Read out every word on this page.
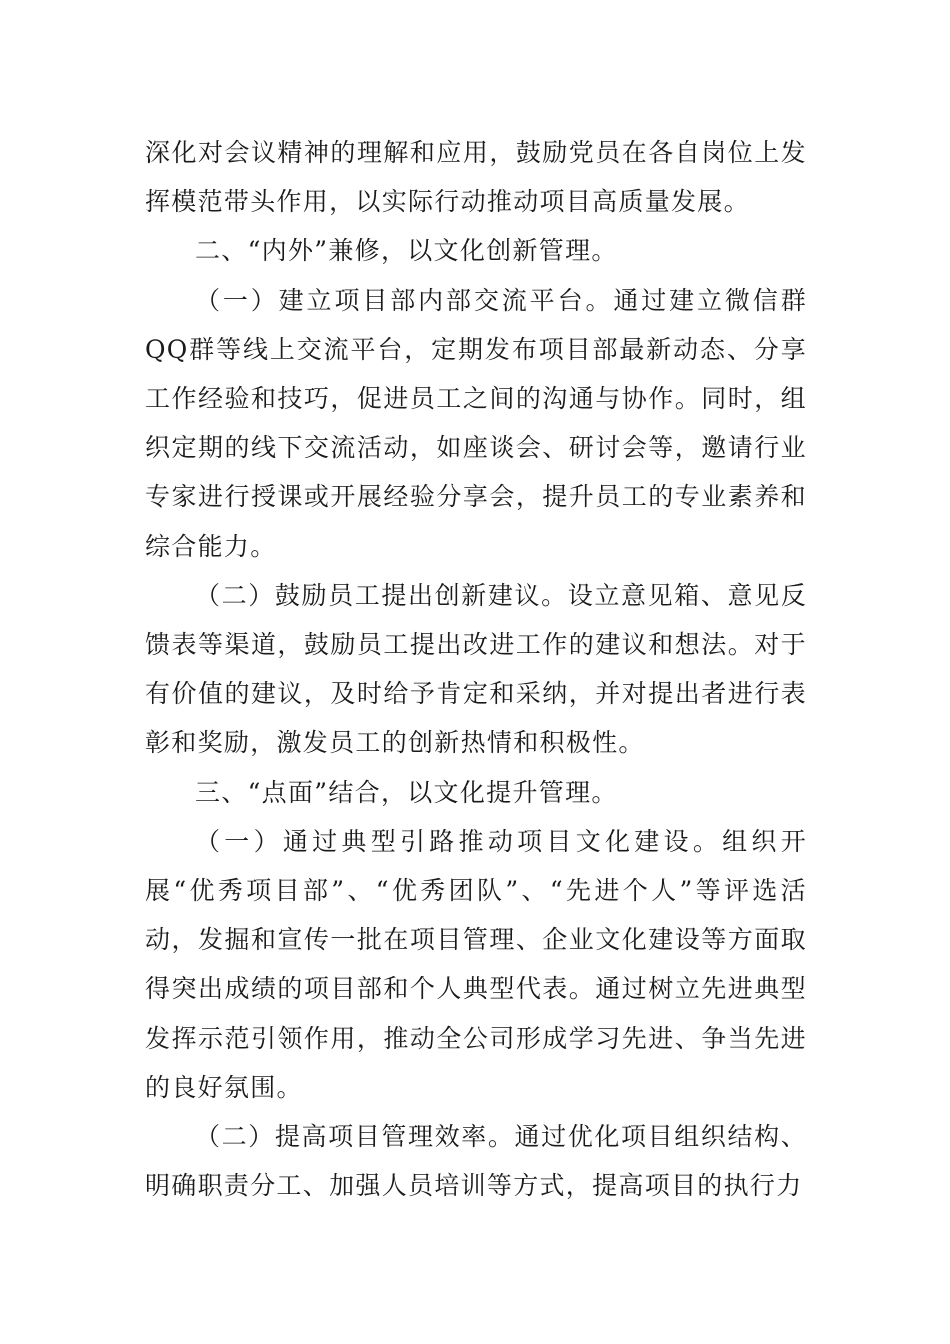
深化对会议精神的理解和应用，鼓励党员在各自岗位上发挥模范带头作用，以实际行动推动项目高质量发展。

二、“内外”兼修，以文化创新管理。

（一）建立项目部内部交流平台。通过建立微信群QQ群等线上交流平台，定期发布项目部最新动态、分享工作经验和技巧，促进员工之间的沟通与协作。同时，组织定期的线下交流活动，如座谈会、研讨会等，邀请行业专家进行授课或开展经验分享会，提升员工的专业素养和综合能力。

（二）鼓励员工提出创新建议。设立意见箱、意见反馈表等渠道，鼓励员工提出改进工作的建议和想法。对于有价值的建议，及时给予肯定和采纳，并对提出者进行表彰和奖励，激发员工的创新热情和积极性。

三、“点面”结合，以文化提升管理。

（一）通过典型引路推动项目文化建设。组织开展“优秀项目部”、“优秀团队”、“先进个人”等评选活动，发掘和宣传一批在项目管理、企业文化建设等方面取得突出成绩的项目部和个人典型代表。通过树立先进典型发挥示范引领作用，推动全公司形成学习先进、争当先进的良好氛围。

（二）提高项目管理效率。通过优化项目组织结构、明确职责分工、加强人员培训等方式，提高项目的执行力
